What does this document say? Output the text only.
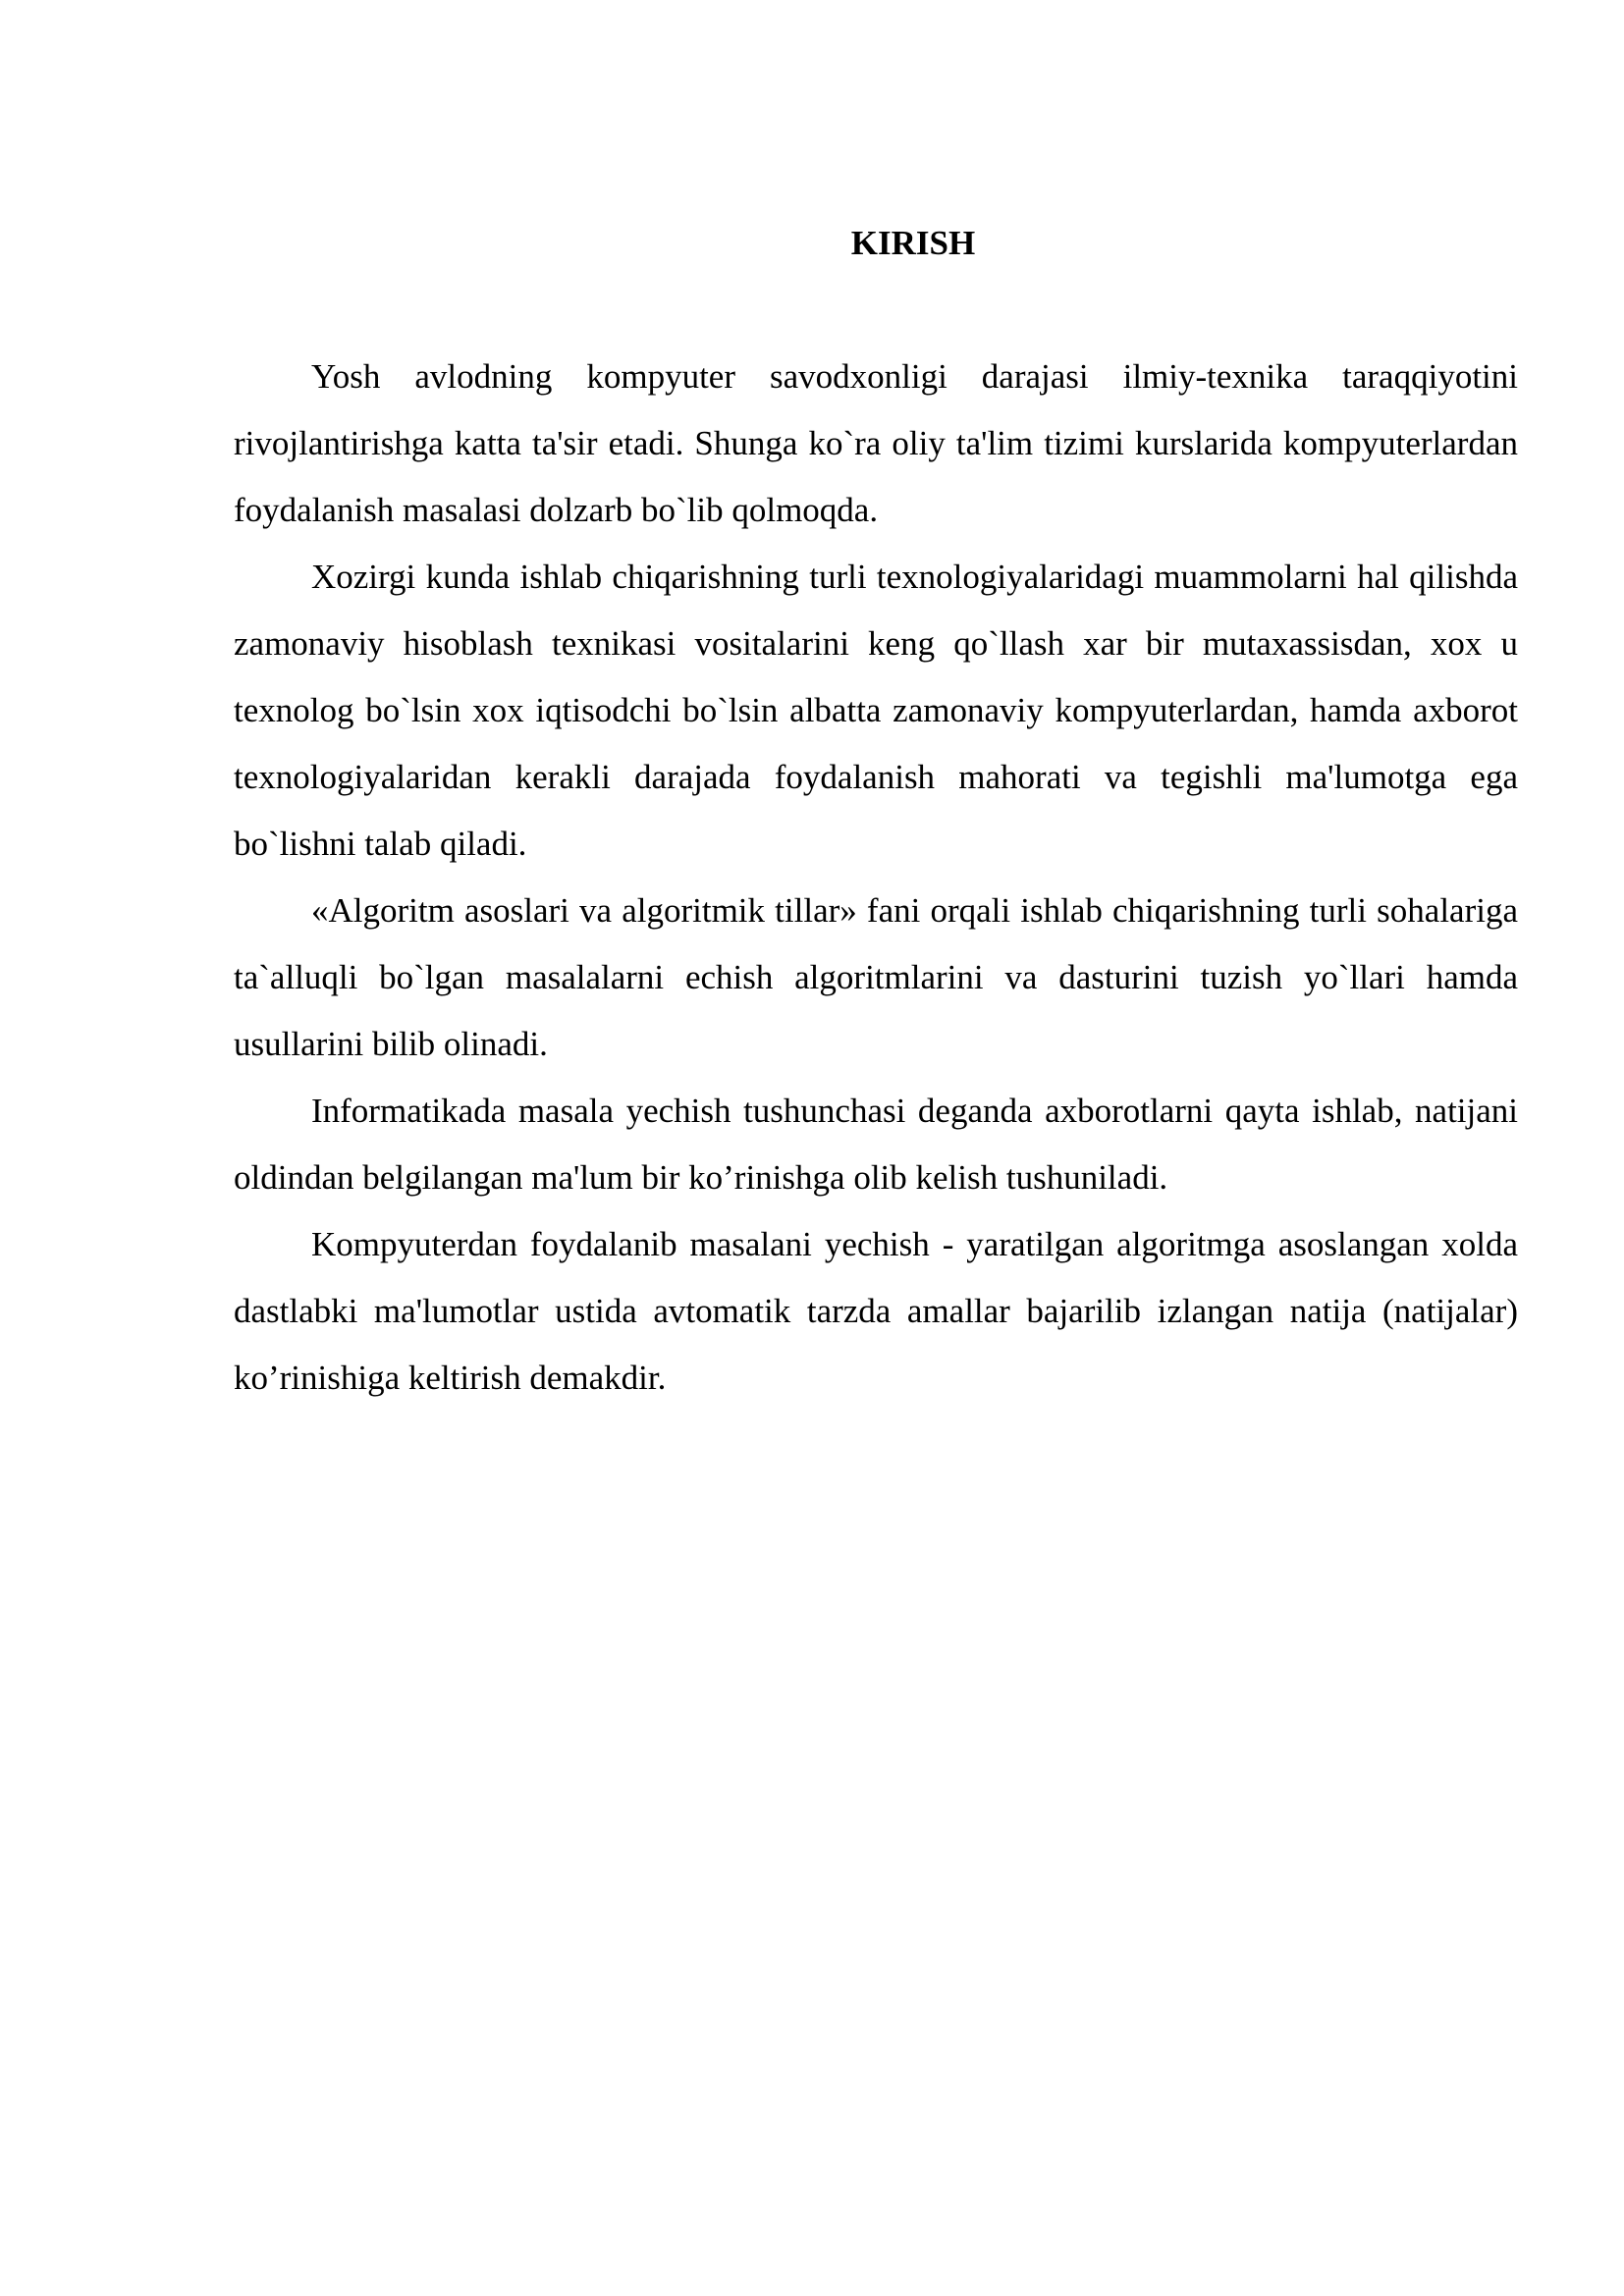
KIRISH

Yosh avlodning kompyuter savodxonligi darajasi ilmiy-texnika taraqqiyotini rivojlantirishga katta ta'sir etadi. Shunga ko`ra oliy ta'lim tizimi kurslarida kompyuterlardan foydalanish masalasi dolzarb bo`lib qolmoqda.

Xozirgi kunda ishlab chiqarishning turli texnologiyalaridagi muammolarni hal qilishda zamonaviy hisoblash texnikasi vositalarini keng qo`llash xar bir mutaxassisdan, xox u texnolog bo`lsin xox iqtisodchi bo`lsin albatta zamonaviy kompyuterlardan, hamda axborot texnologiyalaridan kerakli darajada foydalanish mahorati va tegishli ma'lumotga ega bo`lishni talab qiladi.

«Algoritm asoslari va algoritmik tillar» fani orqali ishlab chiqarishning turli sohalariga ta`alluqli bo`lgan masalalarni echish algoritmlarini va dasturini tuzish yo`llari hamda usullarini bilib olinadi.

Informatikada masala yechish tushunchasi deganda axborotlarni qayta ishlab, natijani oldindan belgilangan ma'lum bir ko’rinishga olib kelish tushuniladi.

Kompyuterdan foydalanib masalani yechish - yaratilgan algoritmga asoslangan xolda dastlabki ma'lumotlar ustida avtomatik tarzda amallar bajarilib izlangan natija (natijalar) ko’rinishiga keltirish demakdir.
